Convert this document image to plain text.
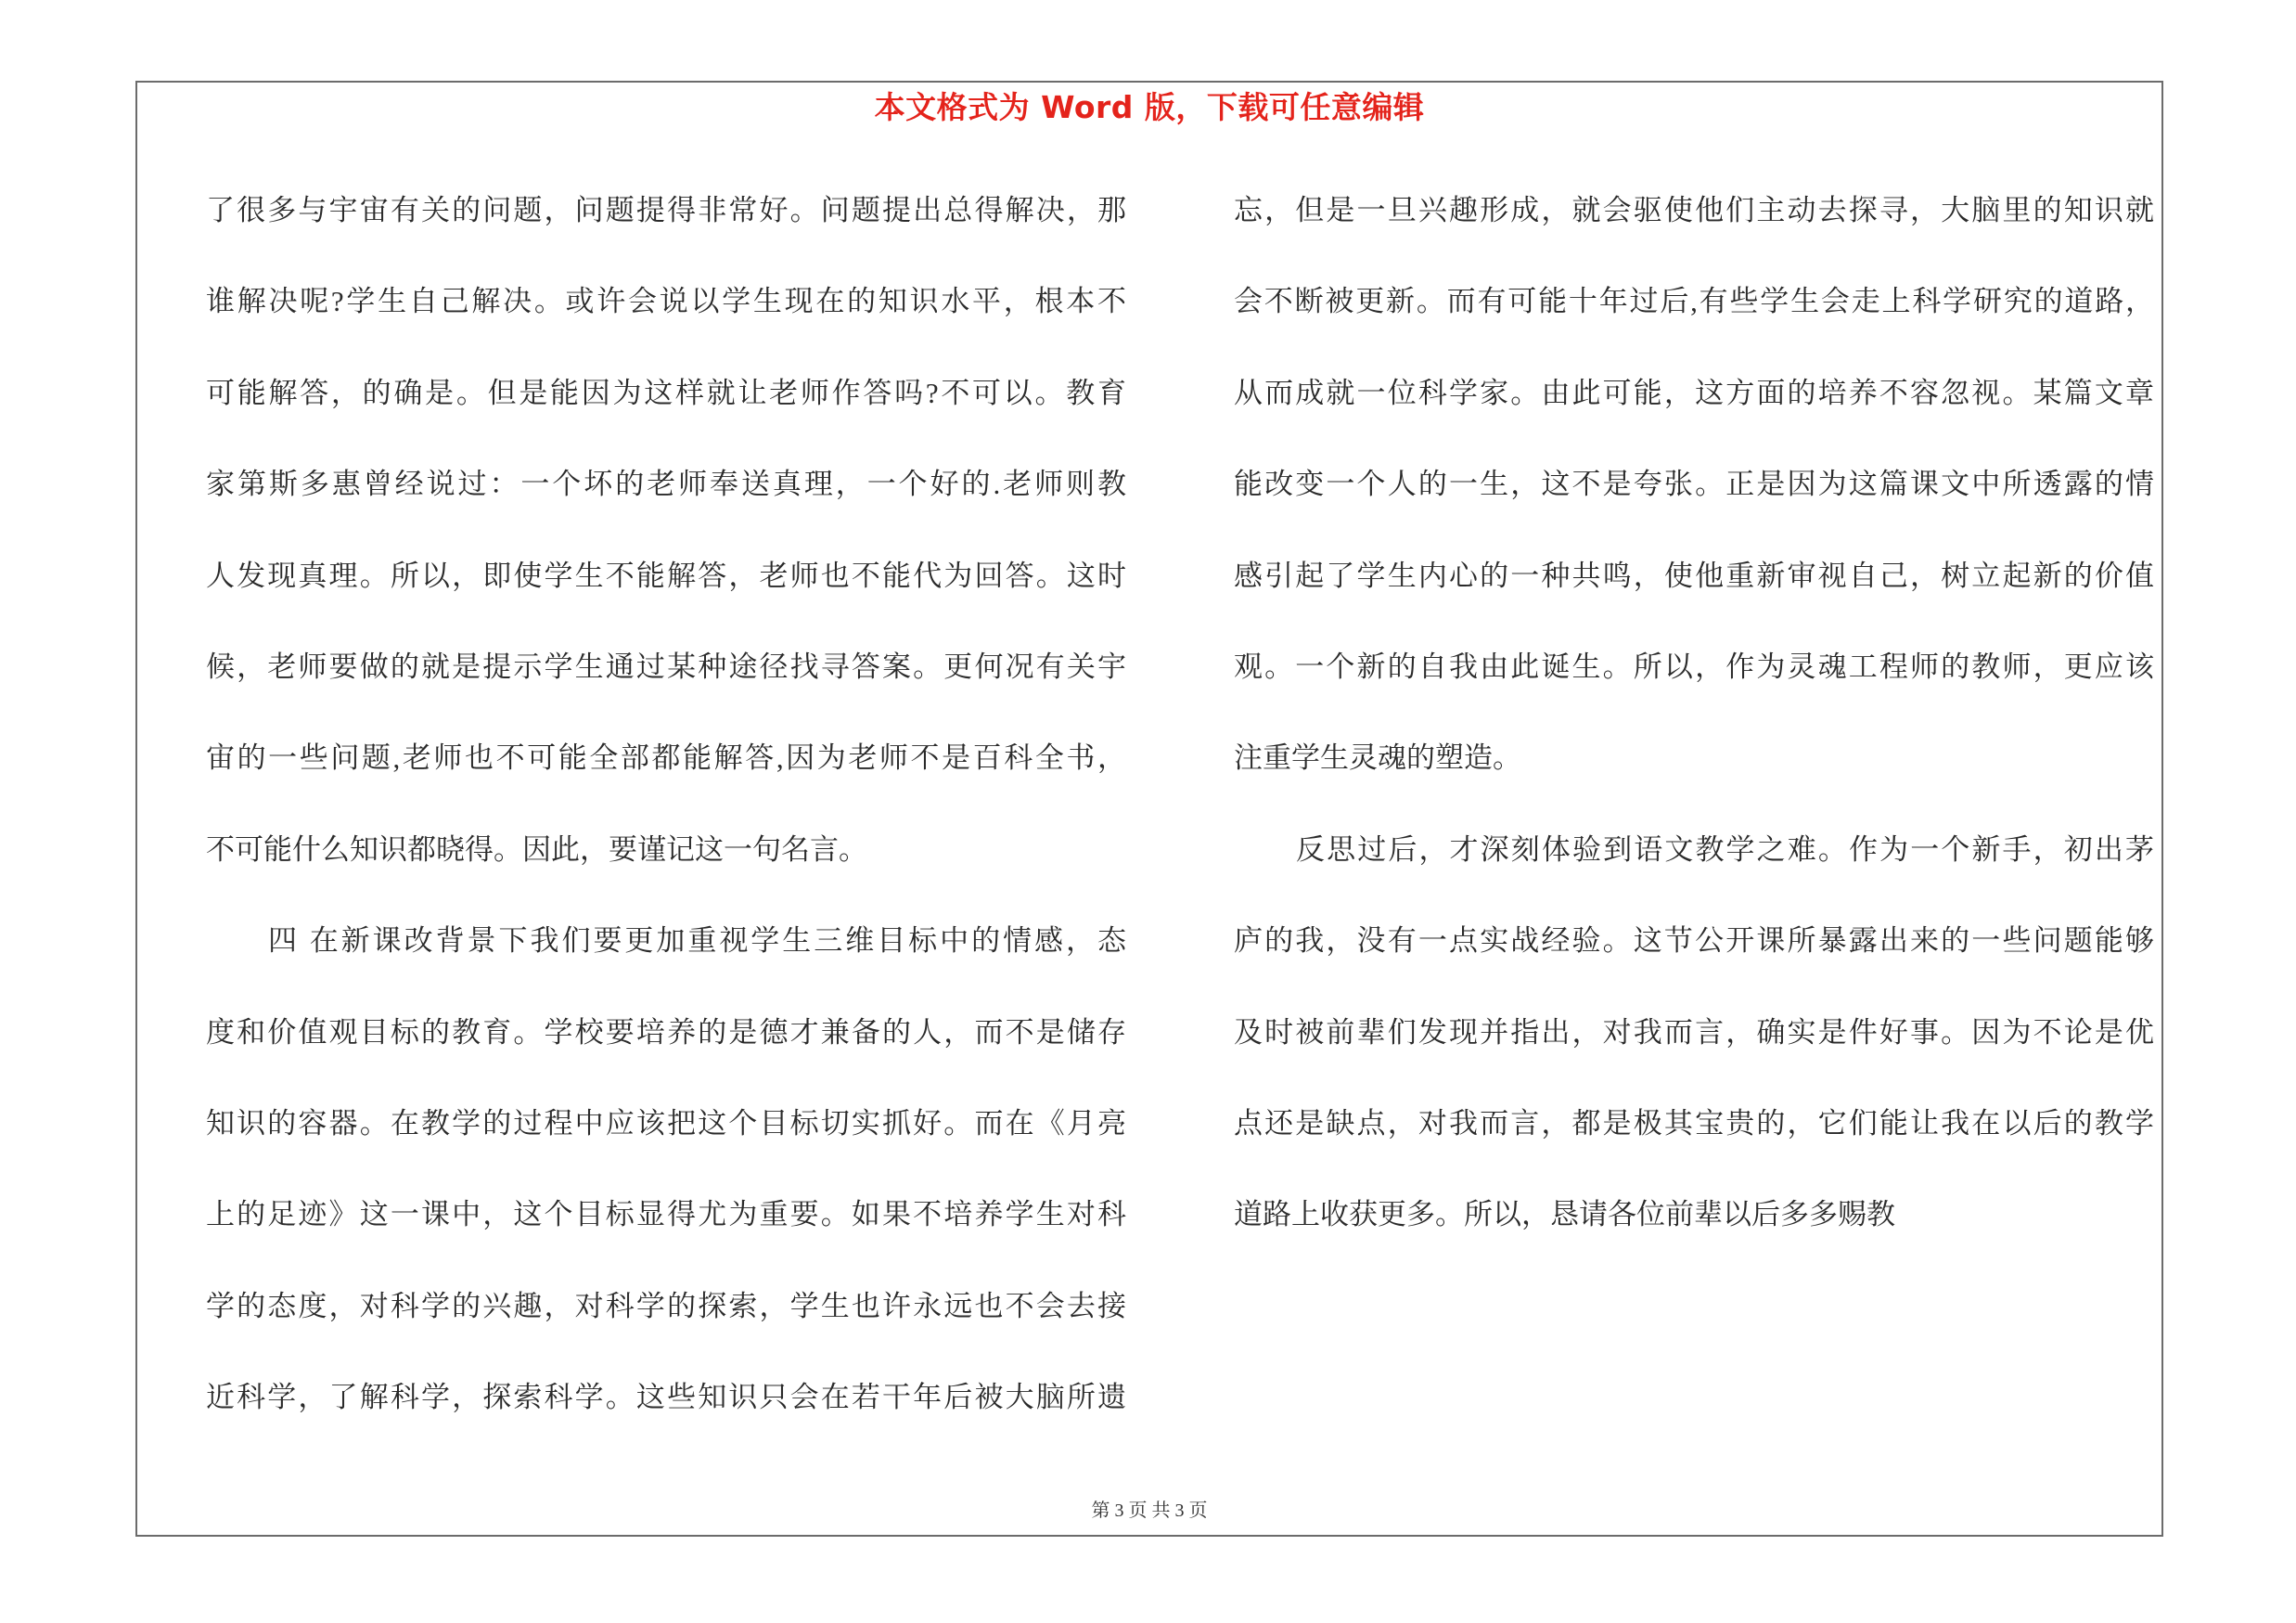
本文格式为 Word 版，下载可任意编辑
了很多与宇宙有关的问题，问题提得非常好。问题提出总得解决，那
谁解决呢?学生自己解决。或许会说以学生现在的知识水平，根本不
可能解答，的确是。但是能因为这样就让老师作答吗?不可以。教育
家第斯多惠曾经说过：一个坏的老师奉送真理，一个好的.老师则教
人发现真理。所以，即使学生不能解答，老师也不能代为回答。这时
候，老师要做的就是提示学生通过某种途径找寻答案。更何况有关宇
宙的一些问题,老师也不可能全部都能解答,因为老师不是百科全书，
不可能什么知识都晓得。因此，要谨记这一句名言。
四 在新课改背景下我们要更加重视学生三维目标中的情感，态
度和价值观目标的教育。学校要培养的是德才兼备的人，而不是储存
知识的容器。在教学的过程中应该把这个目标切实抓好。而在《月亮
上的足迹》这一课中，这个目标显得尤为重要。如果不培养学生对科
学的态度，对科学的兴趣，对科学的探索，学生也许永远也不会去接
近科学，了解科学，探索科学。这些知识只会在若干年后被大脑所遗
忘，但是一旦兴趣形成，就会驱使他们主动去探寻，大脑里的知识就
会不断被更新。而有可能十年过后,有些学生会走上科学研究的道路，
从而成就一位科学家。由此可能，这方面的培养不容忽视。某篇文章
能改变一个人的一生，这不是夸张。正是因为这篇课文中所透露的情
感引起了学生内心的一种共鸣，使他重新审视自己，树立起新的价值
观。一个新的自我由此诞生。所以，作为灵魂工程师的教师，更应该
注重学生灵魂的塑造。
反思过后，才深刻体验到语文教学之难。作为一个新手，初出茅
庐的我，没有一点实战经验。这节公开课所暴露出来的一些问题能够
及时被前辈们发现并指出，对我而言，确实是件好事。因为不论是优
点还是缺点，对我而言，都是极其宝贵的，它们能让我在以后的教学
道路上收获更多。所以，恳请各位前辈以后多多赐教
第 3 页 共 3 页
